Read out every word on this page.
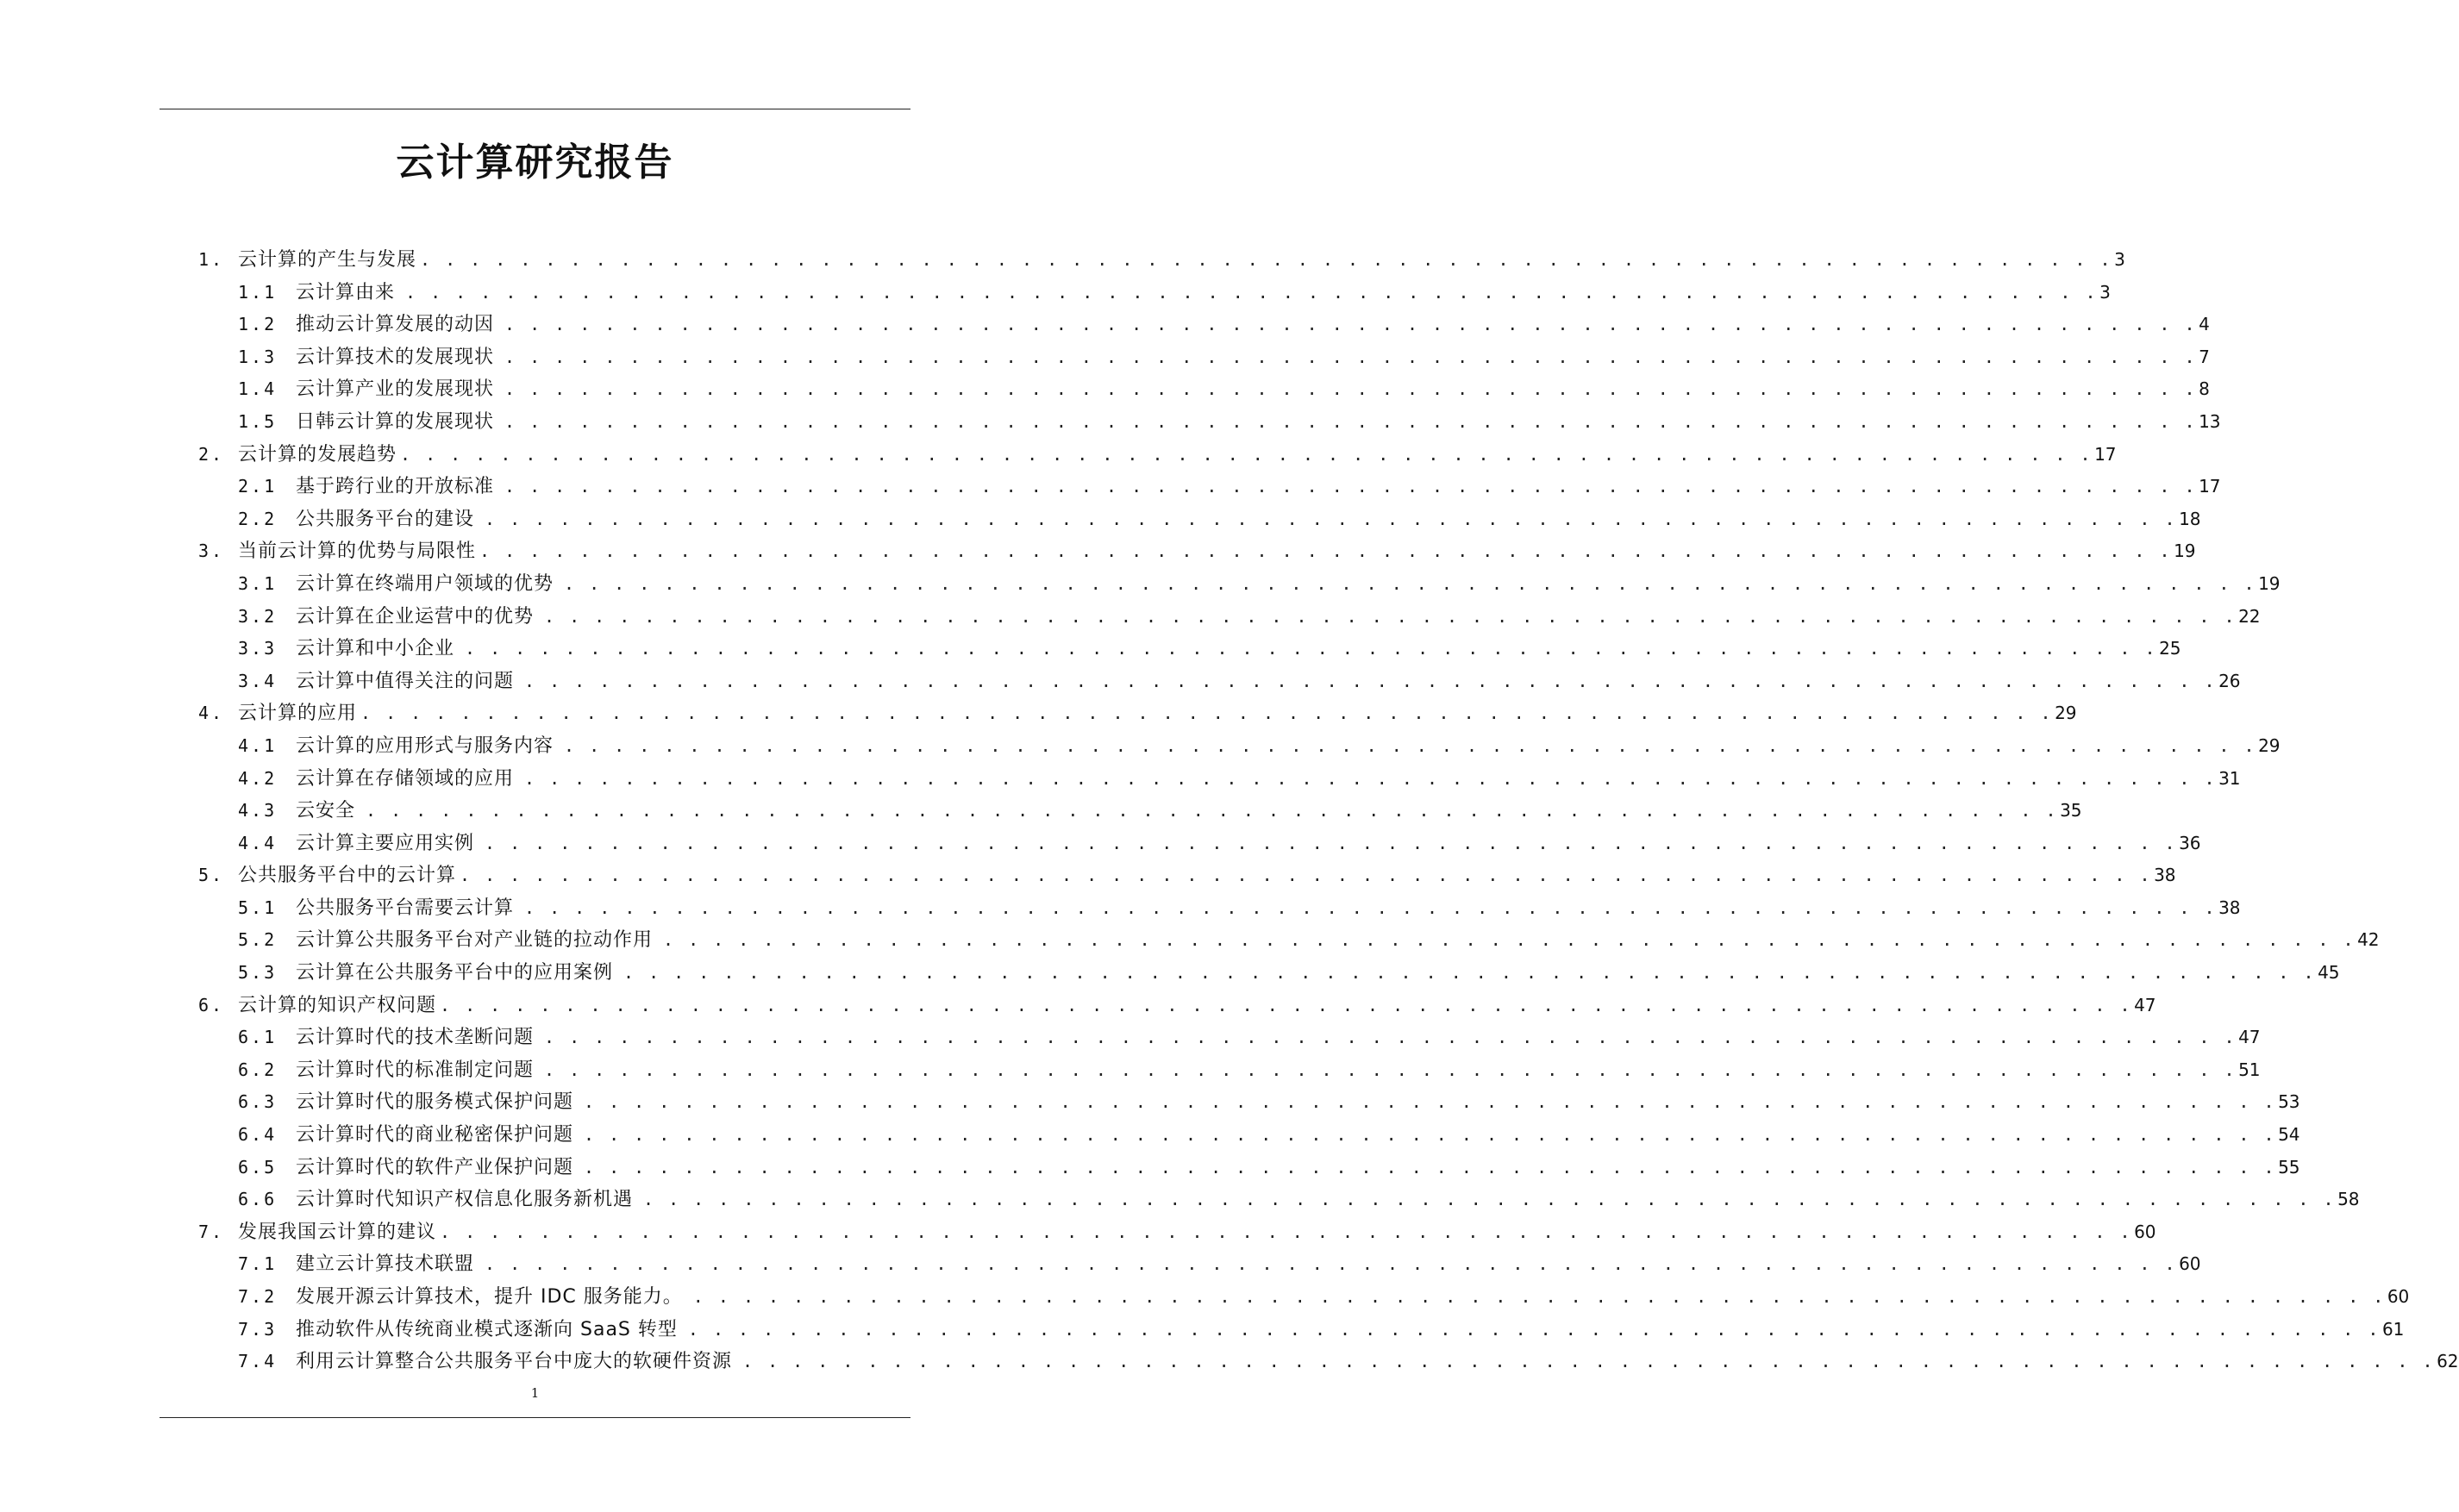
云计算研究报告
1. 云计算的产生与发展 . . . . . . . . . . . . . . . . . . . . . . . . . . . . . . . . . . . . . . . . . . . . . . . . . . . . . . . . . . . . . . . . . . . . 3
1.1 云计算由来 . . . . . . . . . . . . . . . . . . . . . . . . . . . . . . . . . . . . . . . . . . . . . . . . . . . . . . . . . . . . . . . . . . . . 3
1.2 推动云计算发展的动因 . . . . . . . . . . . . . . . . . . . . . . . . . . . . . . . . . . . . . . . . . . . . . . . . . . . . . . . . . . . . . . . . . . . . 4
1.3 云计算技术的发展现状 . . . . . . . . . . . . . . . . . . . . . . . . . . . . . . . . . . . . . . . . . . . . . . . . . . . . . . . . . . . . . . . . . . . . 7
1.4 云计算产业的发展现状 . . . . . . . . . . . . . . . . . . . . . . . . . . . . . . . . . . . . . . . . . . . . . . . . . . . . . . . . . . . . . . . . . . . . 8
1.5 日韩云计算的发展现状 . . . . . . . . . . . . . . . . . . . . . . . . . . . . . . . . . . . . . . . . . . . . . . . . . . . . . . . . . . . . . . . . . . . . 13
2. 云计算的发展趋势 . . . . . . . . . . . . . . . . . . . . . . . . . . . . . . . . . . . . . . . . . . . . . . . . . . . . . . . . . . . . . . . . . . . . 17
2.1 基于跨行业的开放标准 . . . . . . . . . . . . . . . . . . . . . . . . . . . . . . . . . . . . . . . . . . . . . . . . . . . . . . . . . . . . . . . . . . . . 17
2.2 公共服务平台的建设 . . . . . . . . . . . . . . . . . . . . . . . . . . . . . . . . . . . . . . . . . . . . . . . . . . . . . . . . . . . . . . . . . . . . 18
3. 当前云计算的优势与局限性 . . . . . . . . . . . . . . . . . . . . . . . . . . . . . . . . . . . . . . . . . . . . . . . . . . . . . . . . . . . . . . . . . . . . 19
3.1 云计算在终端用户领域的优势 . . . . . . . . . . . . . . . . . . . . . . . . . . . . . . . . . . . . . . . . . . . . . . . . . . . . . . . . . . . . . . . . . . . . 19
3.2 云计算在企业运营中的优势 . . . . . . . . . . . . . . . . . . . . . . . . . . . . . . . . . . . . . . . . . . . . . . . . . . . . . . . . . . . . . . . . . . . . 22
3.3 云计算和中小企业 . . . . . . . . . . . . . . . . . . . . . . . . . . . . . . . . . . . . . . . . . . . . . . . . . . . . . . . . . . . . . . . . . . . . 25
3.4 云计算中值得关注的问题 . . . . . . . . . . . . . . . . . . . . . . . . . . . . . . . . . . . . . . . . . . . . . . . . . . . . . . . . . . . . . . . . . . . . 26
4. 云计算的应用 . . . . . . . . . . . . . . . . . . . . . . . . . . . . . . . . . . . . . . . . . . . . . . . . . . . . . . . . . . . . . . . . . . . . 29
4.1 云计算的应用形式与服务内容 . . . . . . . . . . . . . . . . . . . . . . . . . . . . . . . . . . . . . . . . . . . . . . . . . . . . . . . . . . . . . . . . . . . . 29
4.2 云计算在存储领域的应用 . . . . . . . . . . . . . . . . . . . . . . . . . . . . . . . . . . . . . . . . . . . . . . . . . . . . . . . . . . . . . . . . . . . . 31
4.3 云安全 . . . . . . . . . . . . . . . . . . . . . . . . . . . . . . . . . . . . . . . . . . . . . . . . . . . . . . . . . . . . . . . . . . . . 35
4.4 云计算主要应用实例 . . . . . . . . . . . . . . . . . . . . . . . . . . . . . . . . . . . . . . . . . . . . . . . . . . . . . . . . . . . . . . . . . . . . 36
5. 公共服务平台中的云计算 . . . . . . . . . . . . . . . . . . . . . . . . . . . . . . . . . . . . . . . . . . . . . . . . . . . . . . . . . . . . . . . . . . . . 38
5.1 公共服务平台需要云计算 . . . . . . . . . . . . . . . . . . . . . . . . . . . . . . . . . . . . . . . . . . . . . . . . . . . . . . . . . . . . . . . . . . . . 38
5.2 云计算公共服务平台对产业链的拉动作用 . . . . . . . . . . . . . . . . . . . . . . . . . . . . . . . . . . . . . . . . . . . . . . . . . . . . . . . . . . . . . . . . . . . . 42
5.3 云计算在公共服务平台中的应用案例 . . . . . . . . . . . . . . . . . . . . . . . . . . . . . . . . . . . . . . . . . . . . . . . . . . . . . . . . . . . . . . . . . . . . 45
6. 云计算的知识产权问题 . . . . . . . . . . . . . . . . . . . . . . . . . . . . . . . . . . . . . . . . . . . . . . . . . . . . . . . . . . . . . . . . . . . . 47
6.1 云计算时代的技术垄断问题 . . . . . . . . . . . . . . . . . . . . . . . . . . . . . . . . . . . . . . . . . . . . . . . . . . . . . . . . . . . . . . . . . . . . 47
6.2 云计算时代的标准制定问题 . . . . . . . . . . . . . . . . . . . . . . . . . . . . . . . . . . . . . . . . . . . . . . . . . . . . . . . . . . . . . . . . . . . . 51
6.3 云计算时代的服务模式保护问题 . . . . . . . . . . . . . . . . . . . . . . . . . . . . . . . . . . . . . . . . . . . . . . . . . . . . . . . . . . . . . . . . . . . . 53
6.4 云计算时代的商业秘密保护问题 . . . . . . . . . . . . . . . . . . . . . . . . . . . . . . . . . . . . . . . . . . . . . . . . . . . . . . . . . . . . . . . . . . . . 54
6.5 云计算时代的软件产业保护问题 . . . . . . . . . . . . . . . . . . . . . . . . . . . . . . . . . . . . . . . . . . . . . . . . . . . . . . . . . . . . . . . . . . . . 55
6.6 云计算时代知识产权信息化服务新机遇 . . . . . . . . . . . . . . . . . . . . . . . . . . . . . . . . . . . . . . . . . . . . . . . . . . . . . . . . . . . . . . . . . . . . 58
7. 发展我国云计算的建议 . . . . . . . . . . . . . . . . . . . . . . . . . . . . . . . . . . . . . . . . . . . . . . . . . . . . . . . . . . . . . . . . . . . . 60
7.1 建立云计算技术联盟 . . . . . . . . . . . . . . . . . . . . . . . . . . . . . . . . . . . . . . . . . . . . . . . . . . . . . . . . . . . . . . . . . . . . 60
7.2 发展开源云计算技术，提升 IDC 服务能力。 . . . . . . . . . . . . . . . . . . . . . . . . . . . . . . . . . . . . . . . . . . . . . . . . . . . . . . . . . . . . . . . . . . . . 60
7.3 推动软件从传统商业模式逐渐向 SaaS 转型 . . . . . . . . . . . . . . . . . . . . . . . . . . . . . . . . . . . . . . . . . . . . . . . . . . . . . . . . . . . . . . . . . . . . 61
7.4 利用云计算整合公共服务平台中庞大的软硬件资源 . . . . . . . . . . . . . . . . . . . . . . . . . . . . . . . . . . . . . . . . . . . . . . . . . . . . . . . . . . . . . . . . . . . . 62
1
